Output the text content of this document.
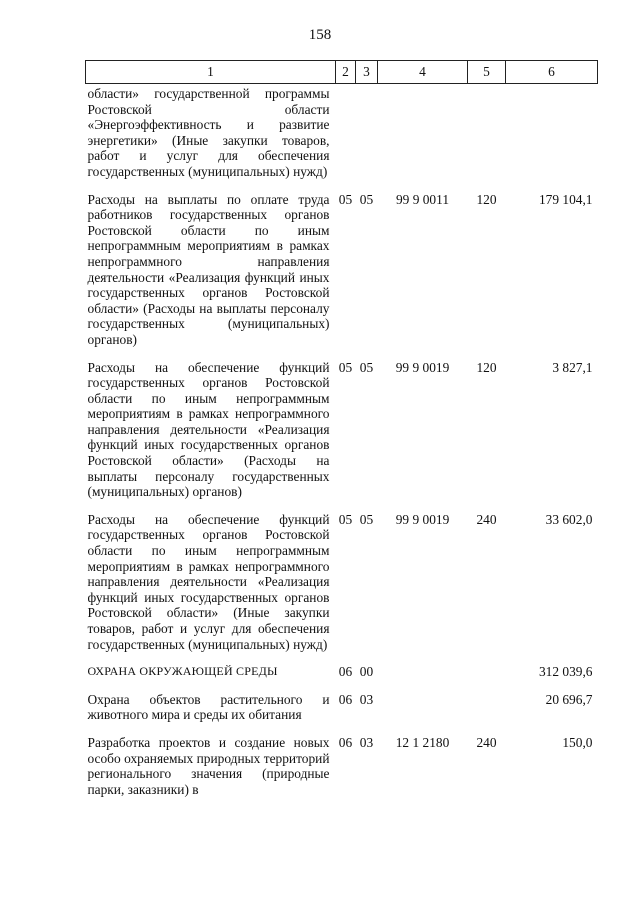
158
1	2	3	4	5	6
области» государственной программы Ростовской области «Энергоэффективность и развитие энергетики» (Иные закупки товаров, работ и услуг для обеспечения государственных (муниципальных) нужд)					
Расходы на выплаты по оплате труда работников государственных органов Ростовской области по иным непрограммным мероприятиям в рамках непрограммного направления деятельности «Реализация функций иных государственных органов Ростовской области» (Расходы на выплаты персоналу государственных (муниципальных) органов)	05	05	99 9 0011	120	179 104,1
Расходы на обеспечение функций государственных органов Ростовской области по иным непрограммным мероприятиям в рамках непрограммного направления деятельности «Реализация функций иных государственных органов Ростовской области» (Расходы на выплаты персоналу государственных (муниципальных) органов)	05	05	99 9 0019	120	3 827,1
Расходы на обеспечение функций государственных органов Ростовской области по иным непрограммным мероприятиям в рамках непрограммного направления деятельности «Реализация функций иных государственных органов Ростовской области» (Иные закупки товаров, работ и услуг для обеспечения государственных (муниципальных) нужд)	05	05	99 9 0019	240	33 602,0
ОХРАНА ОКРУЖАЮЩЕЙ СРЕДЫ	06	00			312 039,6
Охрана объектов растительного и животного мира и среды их обитания	06	03			20 696,7
Разработка проектов и создание новых особо охраняемых природных территорий регионального значения (природные парки, заказники) в	06	03	12 1 2180	240	150,0
